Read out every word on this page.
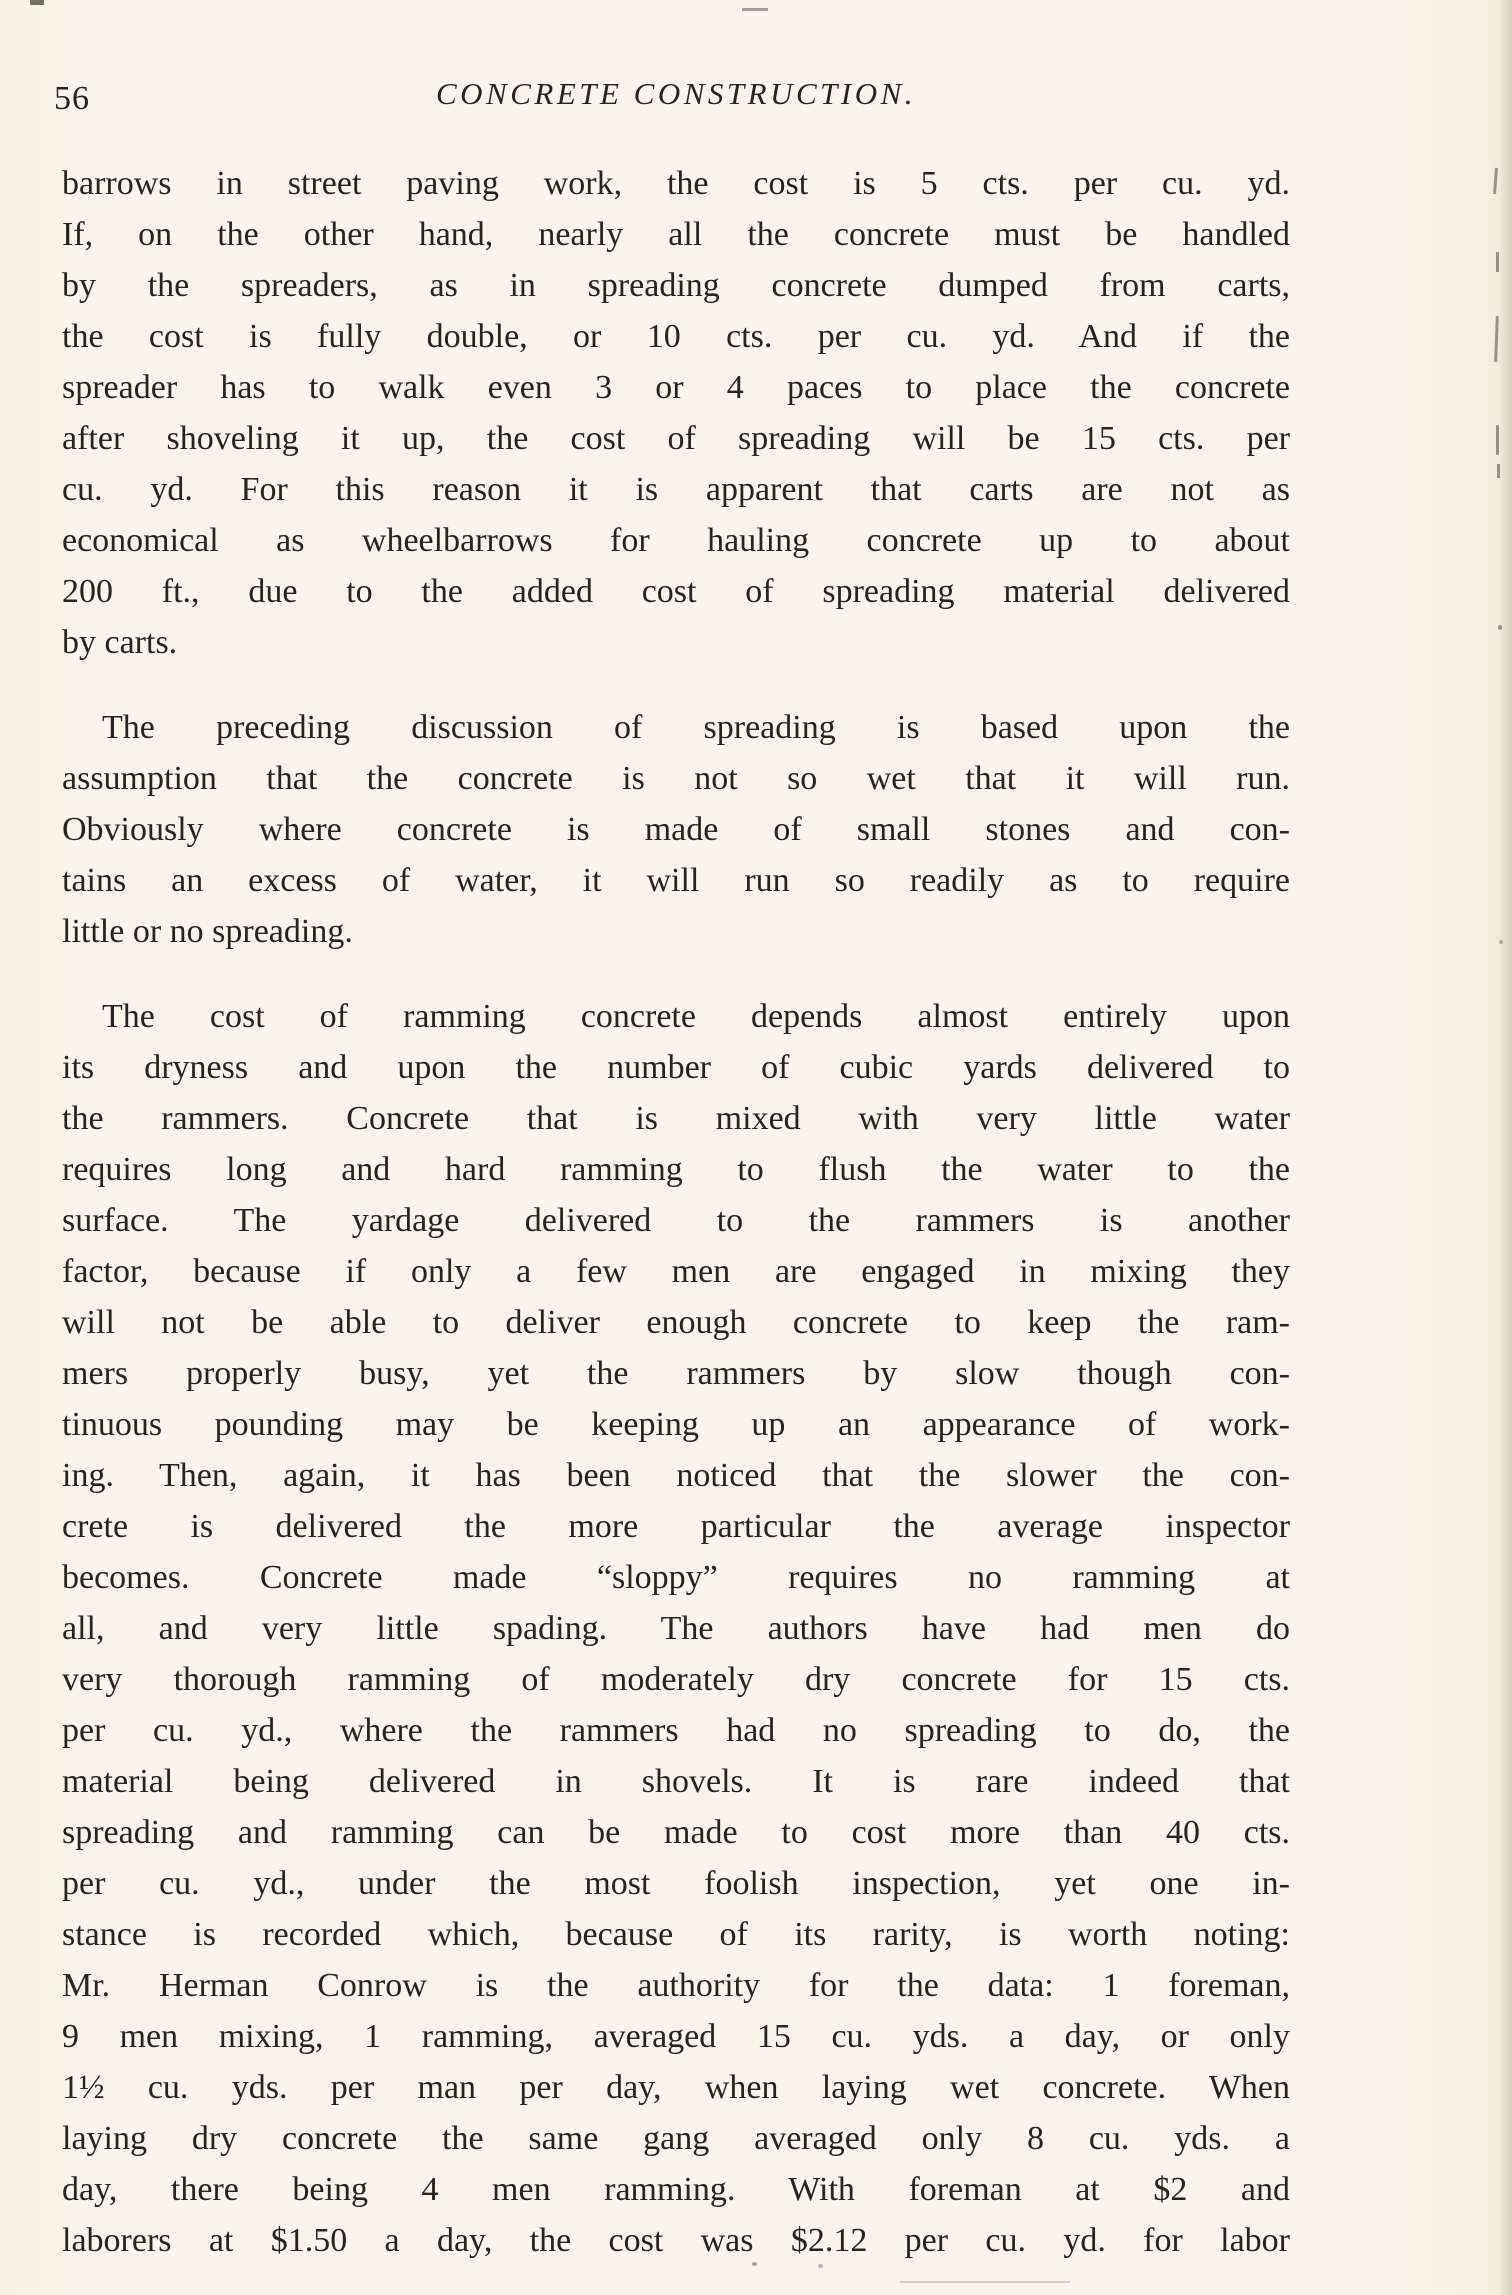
56	CONCRETE CONSTRUCTION.

barrows in street paving work, the cost is 5 cts. per cu. yd.
If, on the other hand, nearly all the concrete must be handled
by the spreaders, as in spreading concrete dumped from carts,
the cost is fully double, or 10 cts. per cu. yd. And if the
spreader has to walk even 3 or 4 paces to place the concrete
after shoveling it up, the cost of spreading will be 15 cts. per
cu. yd. For this reason it is apparent that carts are not as
economical as wheelbarrows for hauling concrete up to about
200 ft., due to the added cost of spreading material delivered
by carts.

The preceding discussion of spreading is based upon the
assumption that the concrete is not so wet that it will run.
Obviously where concrete is made of small stones and con-
tains an excess of water, it will run so readily as to require
little or no spreading.

The cost of ramming concrete depends almost entirely upon
its dryness and upon the number of cubic yards delivered to
the rammers. Concrete that is mixed with very little water
requires long and hard ramming to flush the water to the
surface. The yardage delivered to the rammers is another
factor, because if only a few men are engaged in mixing they
will not be able to deliver enough concrete to keep the ram-
mers properly busy, yet the rammers by slow though con-
tinuous pounding may be keeping up an appearance of work-
ing. Then, again, it has been noticed that the slower the con-
crete is delivered the more particular the average inspector
becomes. Concrete made “sloppy” requires no ramming at
all, and very little spading. The authors have had men do
very thorough ramming of moderately dry concrete for 15 cts.
per cu. yd., where the rammers had no spreading to do, the
material being delivered in shovels. It is rare indeed that
spreading and ramming can be made to cost more than 40 cts.
per cu. yd., under the most foolish inspection, yet one in-
stance is recorded which, because of its rarity, is worth noting:
Mr. Herman Conrow is the authority for the data: 1 foreman,
9 men mixing, 1 ramming, averaged 15 cu. yds. a day, or only
1½ cu. yds. per man per day, when laying wet concrete. When
laying dry concrete the same gang averaged only 8 cu. yds. a
day, there being 4 men ramming. With foreman at $2 and
laborers at $1.50 a day, the cost was $2.12 per cu. yd. for labor
